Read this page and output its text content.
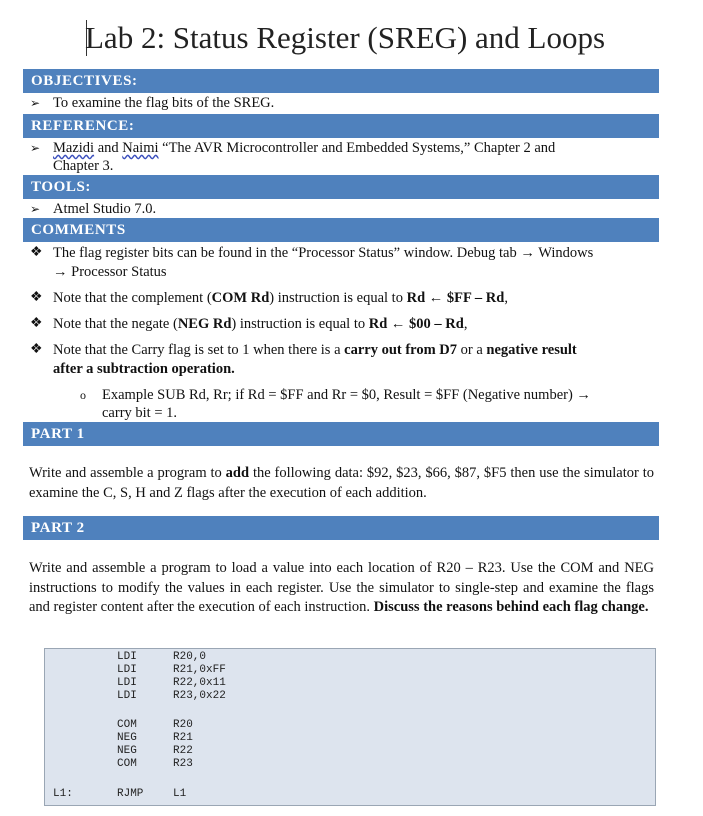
Lab 2: Status Register (SREG) and Loops
OBJECTIVES:
➢ To examine the flag bits of the SREG.
REFERENCE:
➢ Mazidi and Naimi “The AVR Microcontroller and Embedded Systems,” Chapter 2 and
Chapter 3.
TOOLS:
➢ Atmel Studio 7.0.
COMMENTS
❖ The flag register bits can be found in the “Processor Status” window. Debug tab → Windows
→ Processor Status
❖ Note that the complement (COM Rd) instruction is equal to Rd ← $FF – Rd,
❖ Note that the negate (NEG Rd) instruction is equal to Rd ← $00 – Rd,
❖ Note that the Carry flag is set to 1 when there is a carry out from D7 or a negative result
after a subtraction operation.
o Example SUB Rd, Rr; if Rd = $FF and Rr = $0, Result = $FF (Negative number) →
carry bit = 1.
PART 1
Write and assemble a program to add the following data: $92, $23, $66, $87, $F5 then use the simulator to examine the C, S, H and Z flags after the execution of each addition.
PART 2
Write and assemble a program to load a value into each location of R20 – R23. Use the COM and NEG instructions to modify the values in each register. Use the simulator to single-step and examine the flags and register content after the execution of each instruction. Discuss the reasons behind each flag change.
LDI	R20,0
LDI	R21,0xFF
LDI	R22,0x11
LDI	R23,0x22
COM	R20
NEG	R21
NEG	R22
COM	R23
L1:	RJMP	L1
